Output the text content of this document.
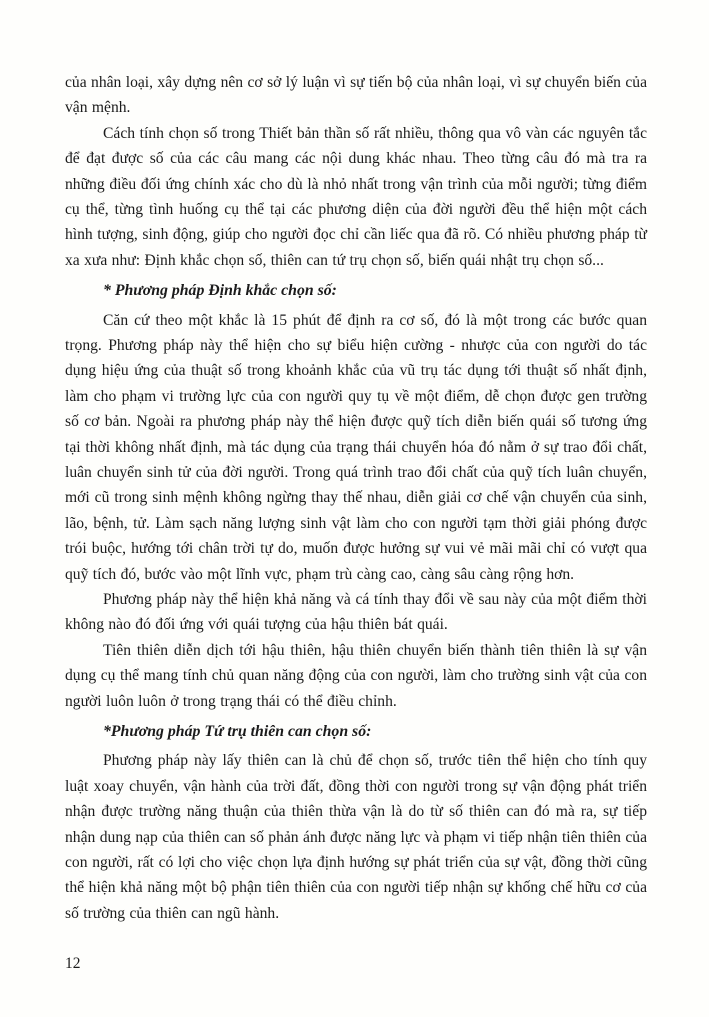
của nhân loại, xây dựng nên cơ sở lý luận vì sự tiến bộ của nhân loại, vì sự chuyển biến của vận mệnh.

Cách tính chọn số trong Thiết bản thần số rất nhiều, thông qua vô vàn các nguyên tắc để đạt được số của các câu mang các nội dung khác nhau. Theo từng câu đó mà tra ra những điều đối ứng chính xác cho dù là nhỏ nhất trong vận trình của mỗi người; từng điểm cụ thể, từng tình huống cụ thể tại các phương diện của đời người đều thể hiện một cách hình tượng, sinh động, giúp cho người đọc chỉ cần liếc qua đã rõ. Có nhiều phương pháp từ xa xưa như: Định khắc chọn số, thiên can tứ trụ chọn số, biến quái nhật trụ chọn số...

* Phương pháp Định khắc chọn số:

Căn cứ theo một khắc là 15 phút để định ra cơ số, đó là một trong các bước quan trọng. Phương pháp này thể hiện cho sự biểu hiện cường - nhược của con người do tác dụng hiệu ứng của thuật số trong khoảnh khắc của vũ trụ tác dụng tới thuật số nhất định, làm cho phạm vi trường lực của con người quy tụ về một điểm, dễ chọn được gen trường số cơ bản. Ngoài ra phương pháp này thể hiện được quỹ tích diễn biến quái số tương ứng tại thời không nhất định, mà tác dụng của trạng thái chuyển hóa đó nằm ở sự trao đổi chất, luân chuyển sinh tử của đời người. Trong quá trình trao đổi chất của quỹ tích luân chuyển, mới cũ trong sinh mệnh không ngừng thay thế nhau, diễn giải cơ chế vận chuyển của sinh, lão, bệnh, tử. Làm sạch năng lượng sinh vật làm cho con người tạm thời giải phóng được trói buộc, hướng tới chân trời tự do, muốn được hưởng sự vui vẻ mãi mãi chỉ có vượt qua quỹ tích đó, bước vào một lĩnh vực, phạm trù càng cao, càng sâu càng rộng hơn.

Phương pháp này thể hiện khả năng và cá tính thay đổi về sau này của một điểm thời không nào đó đối ứng với quái tượng của hậu thiên bát quái.

Tiên thiên diễn dịch tới hậu thiên, hậu thiên chuyển biến thành tiên thiên là sự vận dụng cụ thể mang tính chủ quan năng động của con người, làm cho trường sinh vật của con người luôn luôn ở trong trạng thái có thể điều chỉnh.

*Phương pháp Tứ trụ thiên can chọn số:

Phương pháp này lấy thiên can là chủ để chọn số, trước tiên thể hiện cho tính quy luật xoay chuyển, vận hành của trời đất, đồng thời con người trong sự vận động phát triển nhận được trường năng thuận của thiên thừa vận là do từ số thiên can đó mà ra, sự tiếp nhận dung nạp của thiên can số phản ánh được năng lực và phạm vi tiếp nhận tiên thiên của con người, rất có lợi cho việc chọn lựa định hướng sự phát triển của sự vật, đồng thời cũng thể hiện khả năng một bộ phận tiên thiên của con người tiếp nhận sự khống chế hữu cơ của số trường của thiên can ngũ hành.

12
